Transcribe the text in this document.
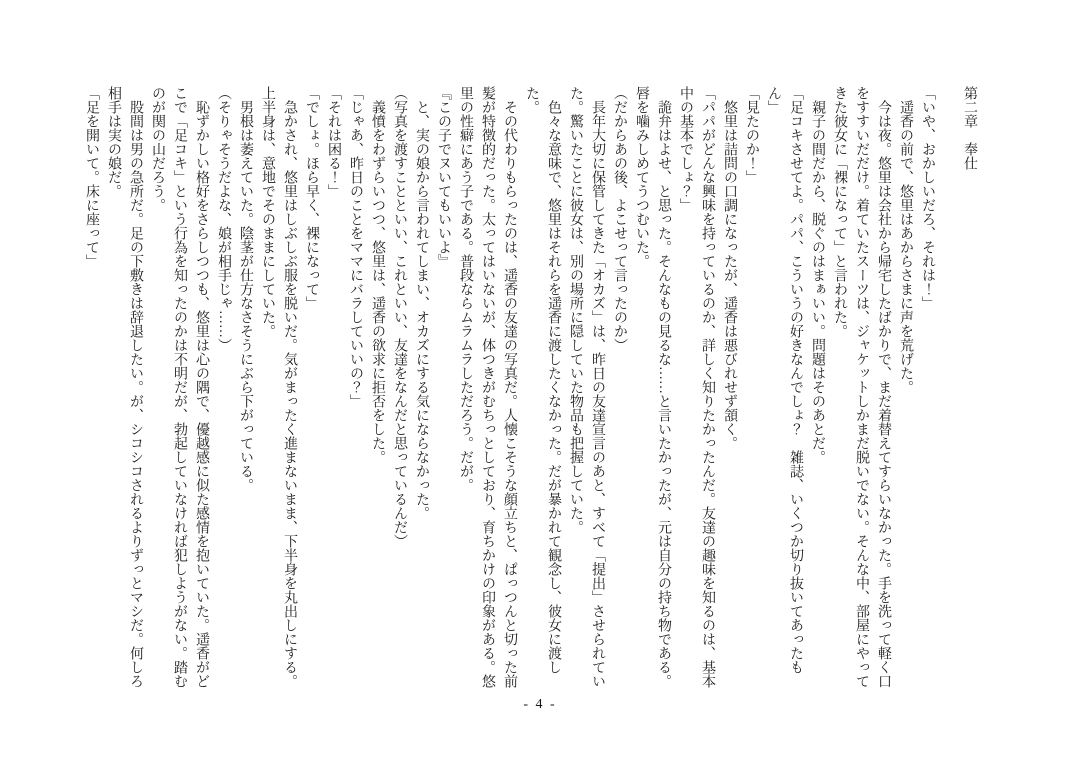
第二章　奉仕

「いや、おかしいだろ、それは！」

　遥香の前で、悠里はあからさまに声を荒げた。

　今は夜。悠里は会社から帰宅したばかりで、まだ着替えてすらいなかった。手を洗って軽く口をすすいだだけ。着ていたスーツは、ジャケットしかまだ脱いでない。そんな中、部屋にやってきた彼女に「裸になって」と言われた。

　親子の間だから、脱ぐのはまぁいい。問題はそのあとだ。

「足コキさせてよ。パパ、こういうの好きなんでしょ？　雑誌、いくつか切り抜いてあったもん」

「見たのか！」

　悠里は詰問の口調になったが、遥香は悪びれせず頷く。

「パパがどんな興味を持っているのか、詳しく知りたかったんだ。友達の趣味を知るのは、基本中の基本でしょ？」

　詭弁はよせ、と思った。そんなもの見るな……と言いたかったが、元は自分の持ち物である。唇を噛みしめてうつむいた。

（だからあの後、よこせって言ったのか）

　長年大切に保管してきた「オカズ」は、昨日の友達宣言のあと、すべて「提出」させられていた。驚いたことに彼女は、別の場所に隠していた物品も把握していた。

　色々な意味で、悠里はそれらを遥香に渡したくなかった。だが暴かれて観念し、彼女に渡した。

　その代わりもらったのは、遥香の友達の写真だ。人懐こそうな顔立ちと、ぱっつんと切った前髪が特徴的だった。太ってはいないが、体つきがむちっとしており、育ちかけの印象がある。悠里の性癖にあう子である。普段ならムラムラしただろう。だが。

『この子でヌいてもいいよ』

　と、実の娘から言われてしまい、オカズにする気にならなかった。

（写真を渡すことといい、これといい、友達をなんだと思っているんだ）

　義憤をわずらいつつ、悠里は、遥香の欲求に拒否をした。

「じゃあ、昨日のことをママにバラしていいの？」

「それは困る！」

「でしょ。ほら早く、裸になって」

　急かされ、悠里はしぶしぶ服を脱いだ。気がまったく進まないまま、下半身を丸出しにする。上半身は、意地でそのままにしていた。

　男根は萎えていた。陰茎が仕方なさそうにぶら下がっている。

（そりゃそうだよな、娘が相手じゃ……）

　恥ずかしい格好をさらしつつも、悠里は心の隅で、優越感に似た感情を抱いていた。遥香がどこで「足コキ」という行為を知ったのかは不明だが、勃起していなければ犯しようがない。踏むのが関の山だろう。

　股間は男の急所だ。足の下敷きは辞退したい。が、シコシコされるよりずっとマシだ。何しろ相手は実の娘だ。

「足を開いて。床に座って」

- 4 -
